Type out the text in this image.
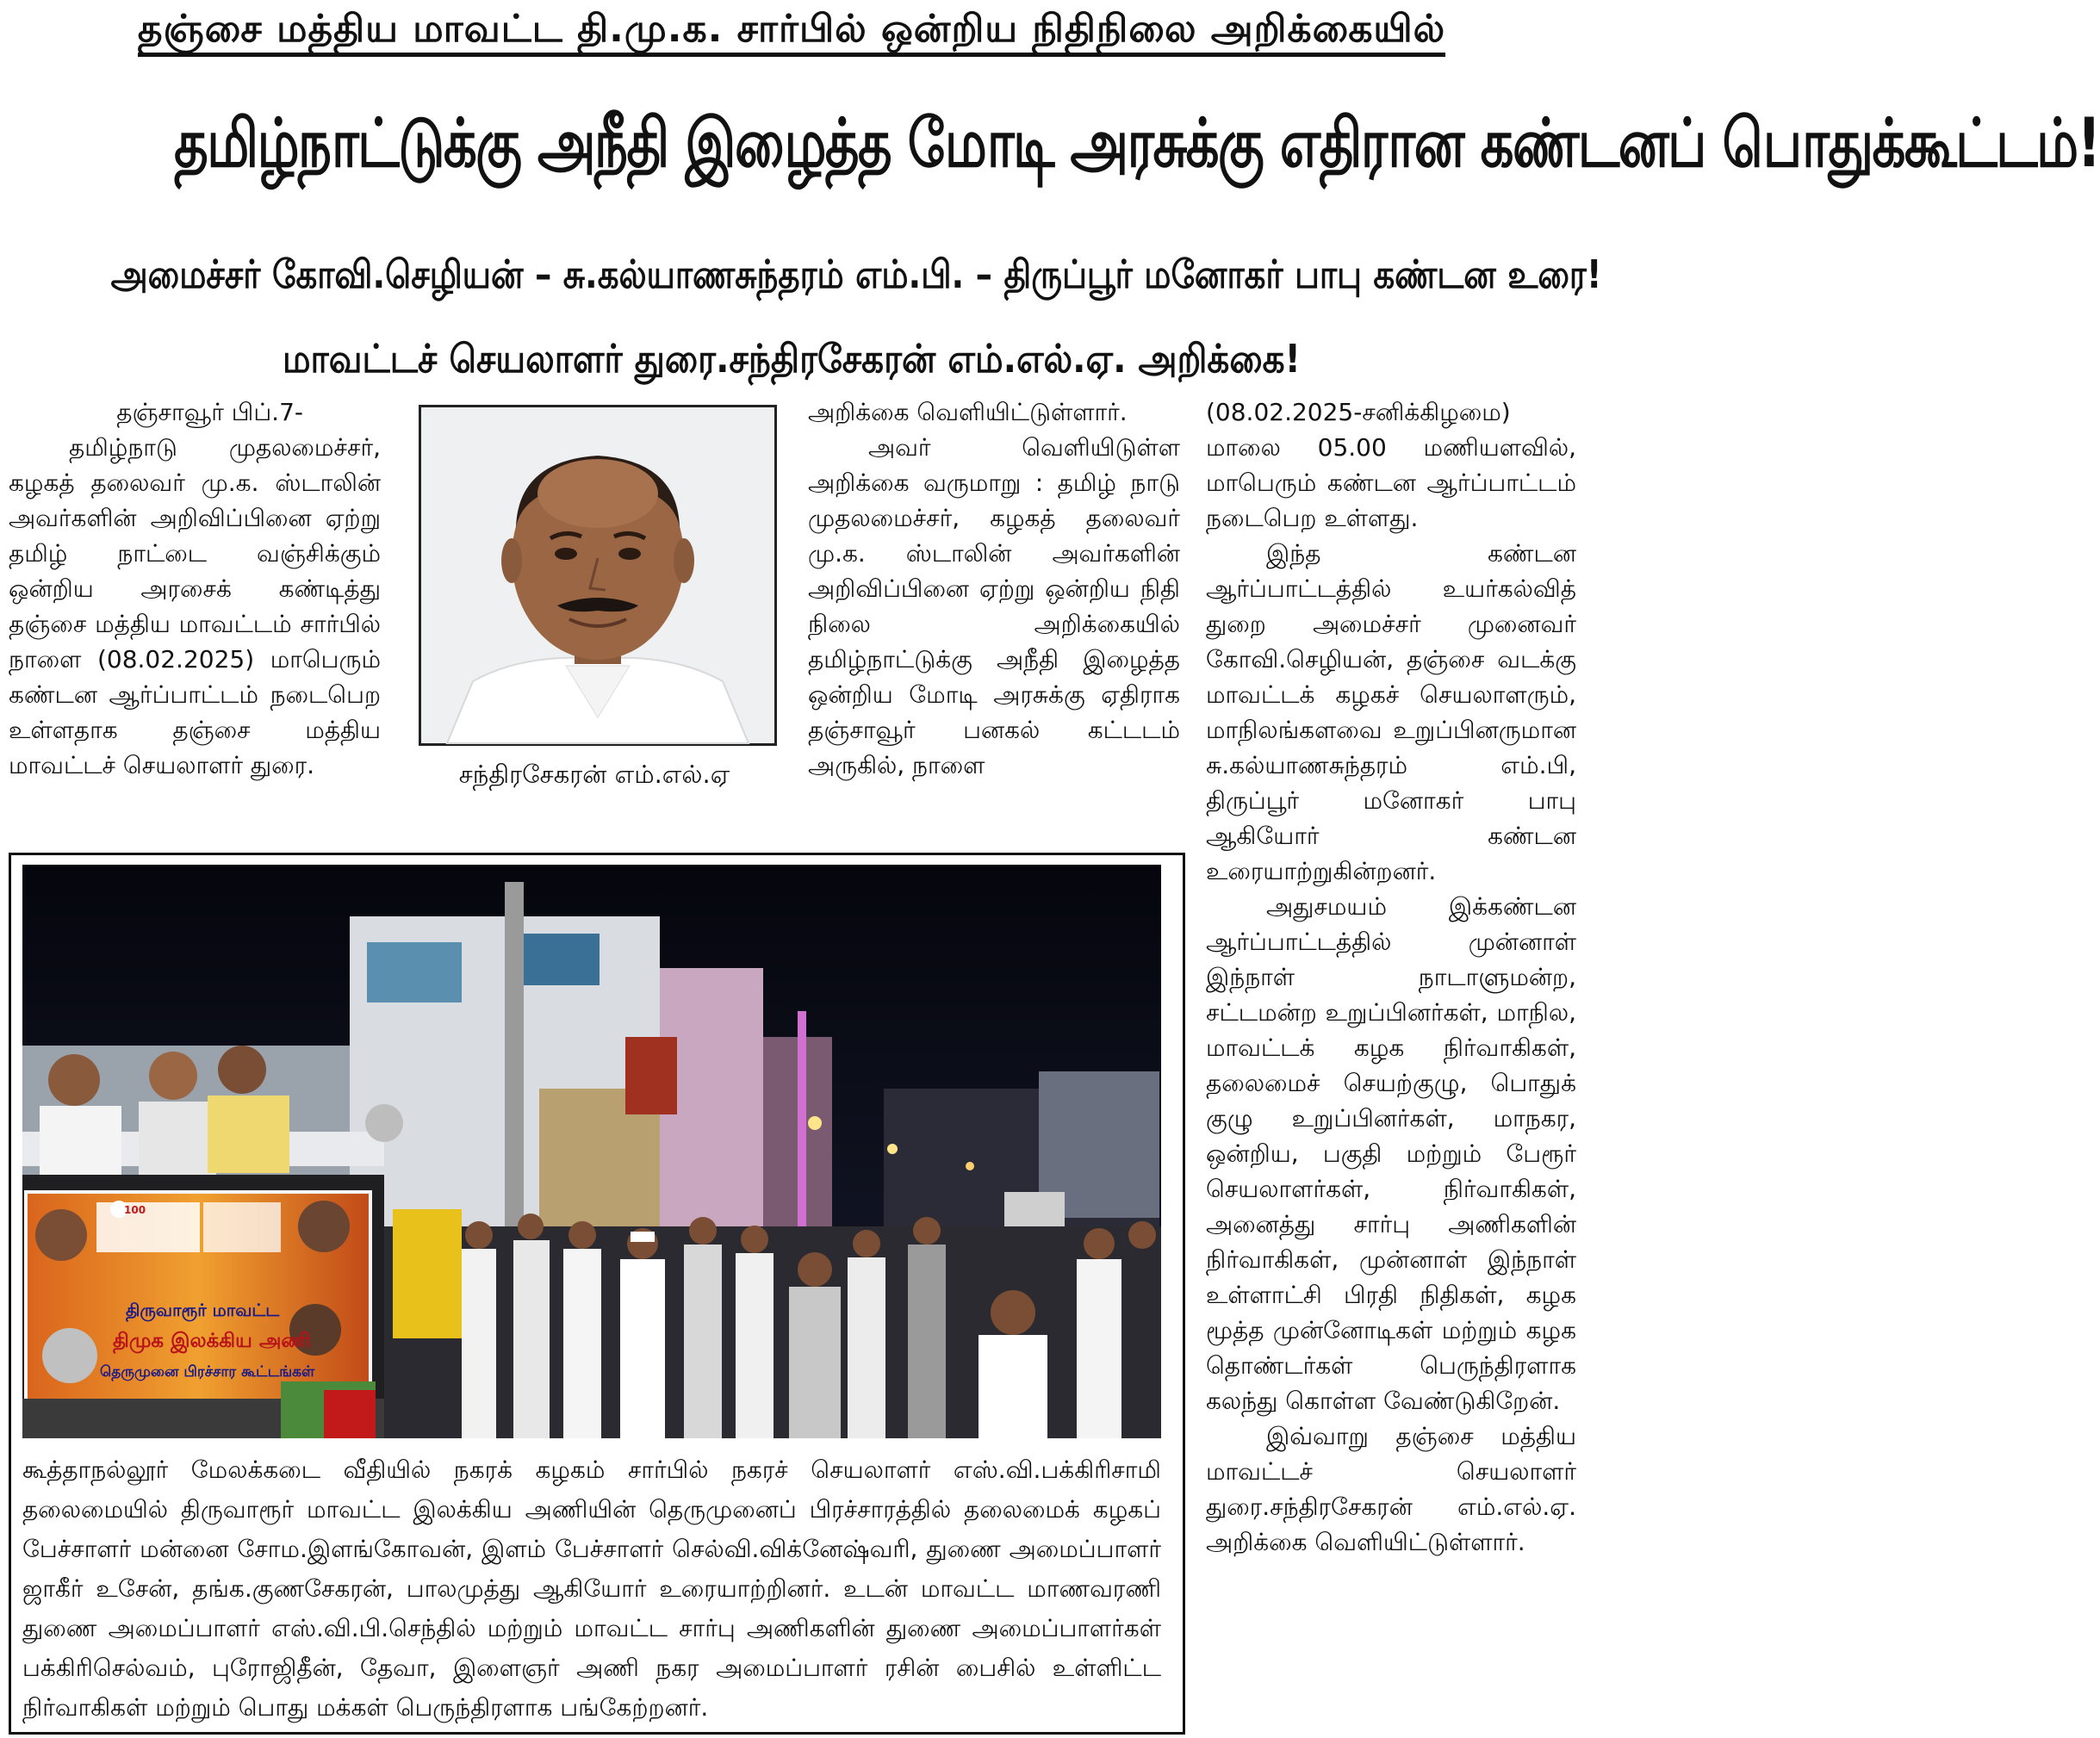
தஞ்சை மத்திய மாவட்ட தி.மு.க. சார்பில் ஒன்றிய நிதிநிலை அறிக்கையில்
தமிழ்நாட்டுக்கு அநீதி இழைத்த மோடி அரசுக்கு எதிரான கண்டனப் பொதுக்கூட்டம்!
அமைச்சர் கோவி.செழியன் – சு.கல்யாணசுந்தரம் எம்.பி. – திருப்பூர் மனோகர் பாபு கண்டன உரை!
மாவட்டச் செயலாளர் துரை.சந்திரசேகரன் எம்.எல்.ஏ. அறிக்கை!
தஞ்சாவூர் பிப்.7-

தமிழ்நாடு முதலமைச்சர், கழகத் தலைவர் மு.க. ஸ்டாலின் அவர்களின் அறிவிப்பினை ஏற்று தமிழ் நாட்டை வஞ்சிக்கும் ஒன்றிய அரசைக் கண்டித்து தஞ்சை மத்திய மாவட்டம் சார்பில் நாளை (08.02.2025) மாபெரும் கண்டன ஆர்ப்பாட்டம் நடைபெற உள்ளதாக தஞ்சை மத்திய மாவட்டச் செயலாளர் துரை.	சந்திரசேகரன் எம்.எல்.ஏ

அறிக்கை வெளியிட்டுள்ளார்.

அவர் வெளியிடுள்ள அறிக்கை வருமாறு : தமிழ் நாடு முதலமைச்சர், கழகத் தலைவர் மு.க. ஸ்டாலின் அவர்களின் அறிவிப்பினை ஏற்று ஒன்றிய நிதி நிலை அறிக்கையில் தமிழ்நாட்டுக்கு அநீதி இழைத்த ஒன்றிய மோடி அரசுக்கு ஏதிராக தஞ்சாவூர் பனகல் கட்டடம் அருகில், நாளை

(08.02.2025-சனிக்கிழமை) மாலை 05.00 மணியளவில், மாபெரும் கண்டன ஆர்ப்பாட்டம் நடைபெற உள்ளது.

இந்த கண்டன ஆர்ப்பாட்டத்தில் உயர்கல்வித் துறை அமைச்சர் முனைவர் கோவி.செழியன், தஞ்சை வடக்கு மாவட்டக் கழகச் செயலாளரும், மாநிலங்களவை உறுப்பினருமான சு.கல்யாணசுந்தரம் எம்.பி, திருப்பூர் மனோகர் பாபு ஆகியோர் கண்டன உரையாற்றுகின்றனர்.

அதுசமயம் இக்கண்டன ஆர்ப்பாட்டத்தில் முன்னாள் இந்நாள் நாடாளுமன்ற, சட்டமன்ற உறுப்பினர்கள், மாநில, மாவட்டக் கழக நிர்வாகிகள், தலைமைச் செயற்குழு, பொதுக் குழு உறுப்பினர்கள், மாநகர, ஒன்றிய, பகுதி மற்றும் பேரூர் செயலாளர்கள், நிர்வாகிகள், அனைத்து சார்பு அணிகளின் நிர்வாகிகள், முன்னாள் இந்நாள் உள்ளாட்சி பிரதி நிதிகள், கழக மூத்த முன்னோடிகள் மற்றும் கழக தொண்டர்கள் பெருந்திரளாக கலந்து கொள்ள வேண்டுகிறேன்.

இவ்வாறு தஞ்சை மத்திய மாவட்டச் செயலாளர் துரை.சந்திரசேகரன் எம்.எல்.ஏ. அறிக்கை வெளியிட்டுள்ளார்.

100
திருவாரூர் மாவட்ட
திமுக இலக்கிய அணி
தெருமுனை பிரச்சார கூட்டங்கள்
கூத்தாநல்லூர் மேலக்கடை வீதியில் நகரக் கழகம் சார்பில் நகரச் செயலாளர் எஸ்.வி.பக்கிரிசாமி தலைமையில் திருவாரூர் மாவட்ட இலக்கிய அணியின் தெருமுனைப் பிரச்சாரத்தில் தலைமைக் கழகப் பேச்சாளர் மன்னை சோம.இளங்கோவன், இளம் பேச்சாளர் செல்வி.விக்னேஷ்வரி, துணை அமைப்பாளர் ஜாகீர் உசேன், தங்க.குணசேகரன், பாலமுத்து ஆகியோர் உரையாற்றினர். உடன் மாவட்ட மாணவரணி துணை அமைப்பாளர் எஸ்.வி.பி.செந்தில் மற்றும் மாவட்ட சார்பு அணிகளின் துணை அமைப்பாளர்கள் பக்கிரிசெல்வம், புரோஜிதீன், தேவா, இளைஞர் அணி நகர அமைப்பாளர் ரசின் பைசில் உள்ளிட்ட நிர்வாகிகள் மற்றும் பொது மக்கள் பெருந்திரளாக பங்கேற்றனர்.
